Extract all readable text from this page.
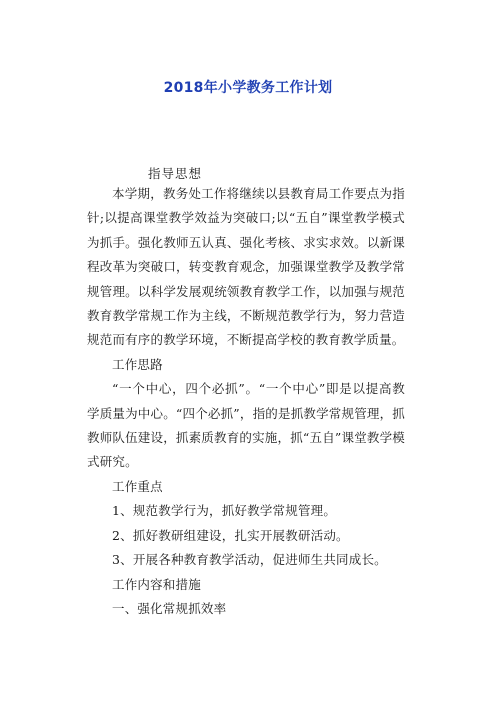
2018年小学教务工作计划
指导思想

本学期，教务处工作将继续以县教育局工作要点为指针;以提高课堂教学效益为突破口;以“五自”课堂教学模式为抓手。强化教师五认真、强化考核、求实求效。以新课程改革为突破口，转变教育观念，加强课堂教学及教学常规管理。以科学发展观统领教育教学工作，以加强与规范教育教学常规工作为主线，不断规范教学行为，努力营造规范而有序的教学环境，不断提高学校的教育教学质量。

工作思路

“一个中心，四个必抓”。“一个中心”即是以提高教学质量为中心。“四个必抓”，指的是抓教学常规管理，抓教师队伍建设，抓素质教育的实施，抓“五自”课堂教学模式研究。

工作重点

1、规范教学行为，抓好教学常规管理。

2、抓好教研组建设，扎实开展教研活动。

3、开展各种教育教学活动，促进师生共同成长。

工作内容和措施

一、强化常规抓效率
